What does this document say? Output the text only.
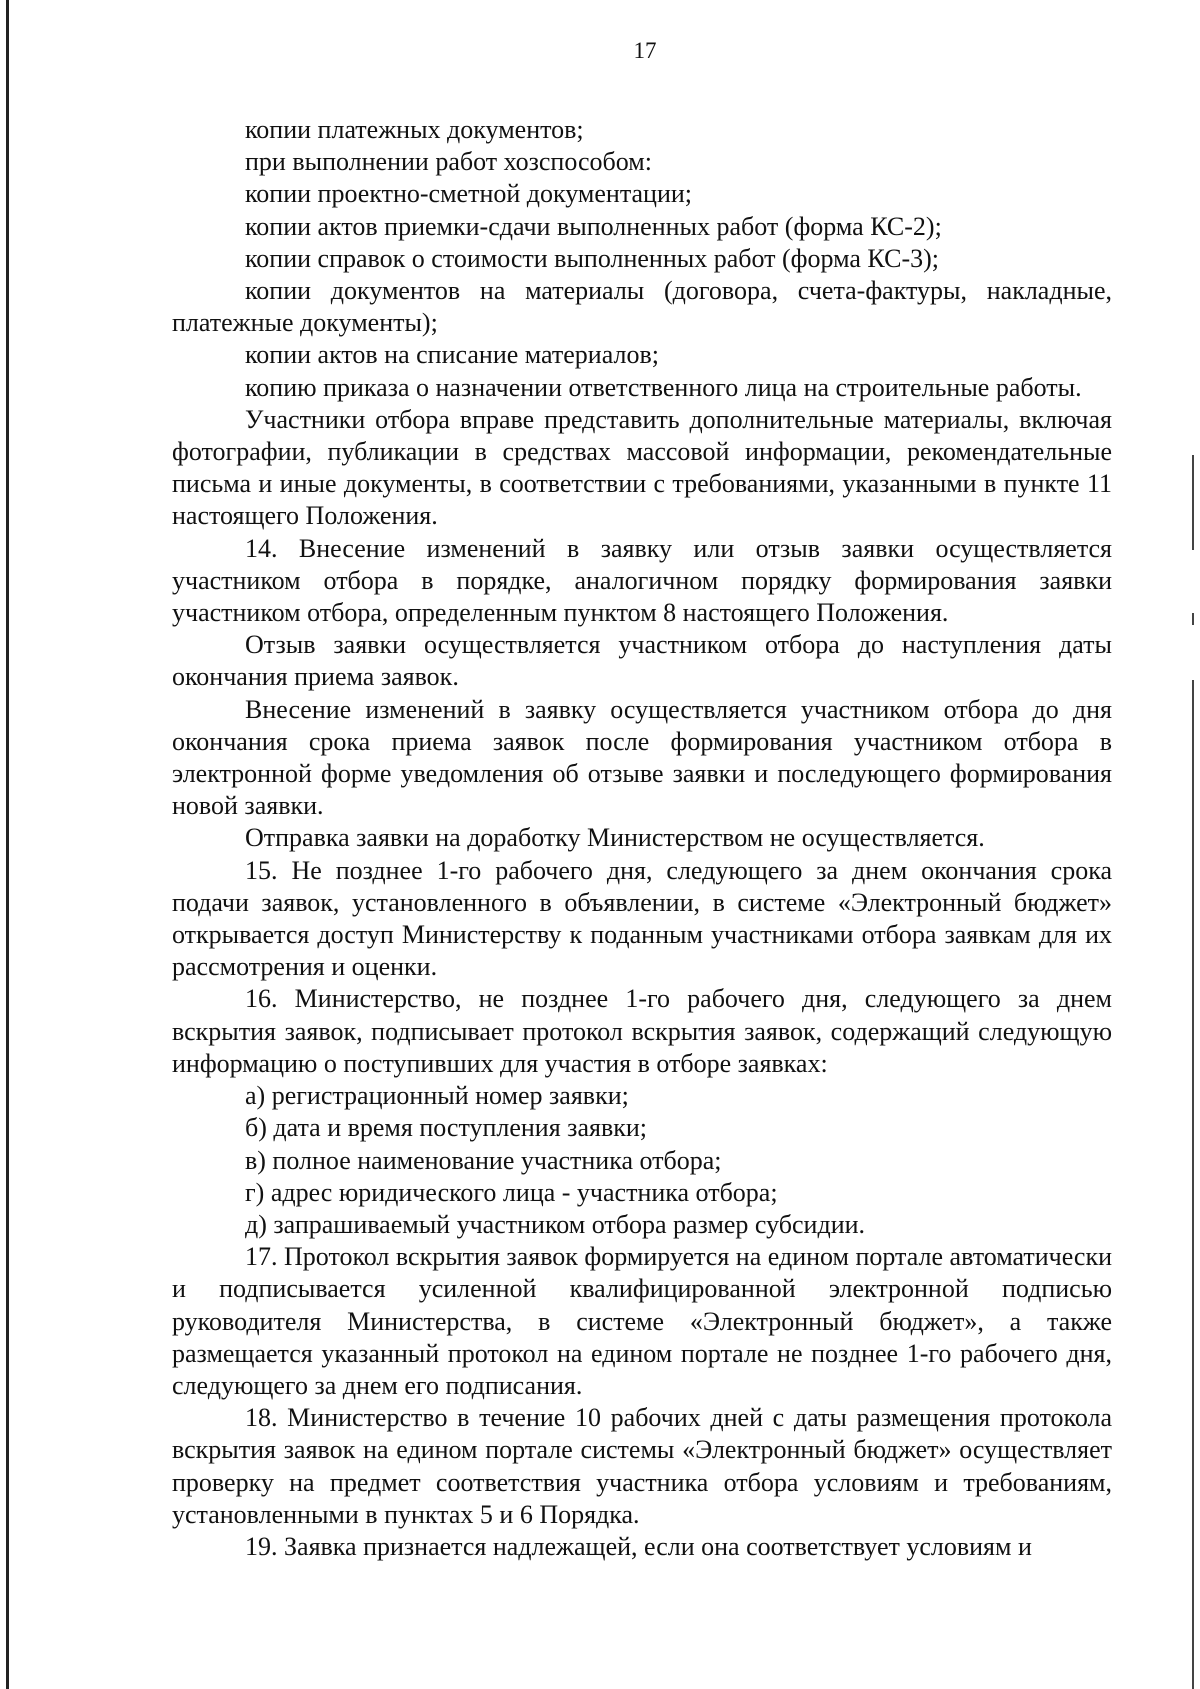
17

копии платежных документов;

при выполнении работ хозспособом:

копии проектно-сметной документации;

копии актов приемки-сдачи выполненных работ (форма КС-2);

копии справок о стоимости выполненных работ (форма КС-3);

копии документов на материалы (договора, счета-фактуры, накладные, платежные документы);

копии актов на списание материалов;

копию приказа о назначении ответственного лица на строительные работы.

Участники отбора вправе представить дополнительные материалы, включая фотографии, публикации в средствах массовой информации, рекомендательные письма и иные документы, в соответствии с требованиями, указанными в пункте 11 настоящего Положения.

14. Внесение изменений в заявку или отзыв заявки осуществляется участником отбора в порядке, аналогичном порядку формирования заявки участником отбора, определенным пунктом 8 настоящего Положения.

Отзыв заявки осуществляется участником отбора до наступления даты окончания приема заявок.

Внесение изменений в заявку осуществляется участником отбора до дня окончания срока приема заявок после формирования участником отбора в электронной форме уведомления об отзыве заявки и последующего формирования новой заявки.

Отправка заявки на доработку Министерством не осуществляется.

15. Не позднее 1-го рабочего дня, следующего за днем окончания срока подачи заявок, установленного в объявлении, в системе «Электронный бюджет» открывается доступ Министерству к поданным участниками отбора заявкам для их рассмотрения и оценки.

16. Министерство, не позднее 1-го рабочего дня, следующего за днем вскрытия заявок, подписывает протокол вскрытия заявок, содержащий следующую информацию о поступивших для участия в отборе заявках:

а) регистрационный номер заявки;

б) дата и время поступления заявки;

в) полное наименование участника отбора;

г) адрес юридического лица - участника отбора;

д) запрашиваемый участником отбора размер субсидии.

17. Протокол вскрытия заявок формируется на едином портале автоматически и подписывается усиленной квалифицированной электронной подписью руководителя Министерства, в системе «Электронный бюджет», а также размещается указанный протокол на едином портале не позднее 1-го рабочего дня, следующего за днем его подписания.

18. Министерство в течение 10 рабочих дней с даты размещения протокола вскрытия заявок на едином портале системы «Электронный бюджет» осуществляет проверку на предмет соответствия участника отбора условиям и требованиям, установленными в пунктах 5 и 6 Порядка.

19. Заявка признается надлежащей, если она соответствует условиям и
